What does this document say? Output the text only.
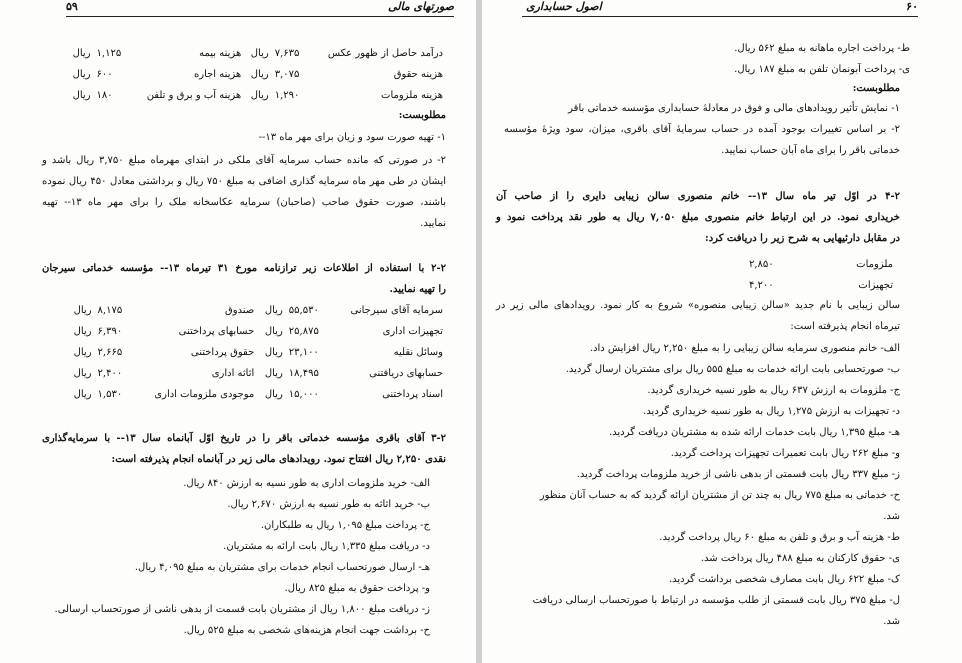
۵۹	صورتهای مالی
درآمد حاصل از ظهور عکس	۷,۶۳۵	ریال	هزینه بیمه	۱,۱۲۵	ریال
هزینه حقوق	۳,۰۷۵	ریال	هزینه اجاره	۶۰۰	ریال
هزینه ملزومات	۱,۲۹۰	ریال	هزینه آب و برق و تلفن	۱۸۰	ریال
مطلوبست:
۱- تهیه صورت سود و زیان برای مهر ماه ۱۳--
۲- در صورتی که مانده حساب سرمایه آقای ملکی در ابتدای مهرماه مبلغ ۳,۷۵۰ ریال باشد و
ایشان در طی مهر ماه سرمایه گذاری اضافی به مبلغ ۷۵۰ ریال و برداشتی معادل ۴۵۰ ریال نموده
باشند، صورت حقوق صاحب (صاحبان) سرمایه عکاسخانه ملک را برای مهر ماه ۱۳-- تهیه
نمایید.
۲-۲ با استفاده از اطلاعات زیر ترازنامه مورخ ۳۱ تیرماه ۱۳-- مؤسسه خدماتی سیرجان
را تهیه نمایید.
سرمایه آقای سیرجانی	۵۵,۵۳۰	ریال	صندوق	۸,۱۷۵	ریال
تجهیزات اداری	۲۵,۸۷۵	ریال	حسابهای پرداختنی	۶,۳۹۰	ریال
وسائل نقلیه	۲۳,۱۰۰	ریال	حقوق پرداختنی	۲,۶۶۵	ریال
حسابهای دریافتنی	۱۸,۴۹۵	ریال	اثاثه اداری	۲,۴۰۰	ریال
اسناد پرداختنی	۱۵,۰۰۰	ریال	موجودی ملزومات اداری	۱,۵۳۰	ریال
۳-۲ آقای باقری مؤسسه خدماتی باقر را در تاریخ اوّل آبانماه سال ۱۳-- با سرمایه‌گذاری
نقدی ۲,۲۵۰ ریال افتتاح نمود. رویدادهای مالی زیر در آبانماه انجام پذیرفته است:
الف- خرید ملزومات اداری به طور نسیه به ارزش ۸۴۰ ریال.
ب- خرید اثاثه به طور نسیه به ارزش ۲,۶۷۰ ریال.
ج- پرداخت مبلغ ۱,۰۹۵ ریال به طلبکاران.
د- دریافت مبلغ ۱,۳۳۵ ریال بابت ارائه به مشتریان.
هـ- ارسال صورتحساب انجام خدمات برای مشتریان به مبلغ ۴,۰۹۵ ریال.
و- پرداخت حقوق به مبلغ ۸۲۵ ریال.
ز- دریافت مبلغ ۱,۸۰۰ ریال از مشتریان بابت قسمت از بدهی ناشی از صورتحساب ارسالی.
ح- برداشت جهت انجام هزینه‌های شخصی به مبلغ ۵۲۵ ریال.
اصول حسابداری	۶۰
ط- پرداخت اجاره ماهانه به مبلغ ۵۶۲ ریال.
ی- پرداخت آبونمان تلفن به مبلغ ۱۸۷ ریال.
مطلوبست:
۱- نمایش تأثیر رویدادهای مالی و فوق در معادلهٔ حسابداری مؤسسه خدماتی باقر
۲- بر اساس تغییرات بوجود آمده در حساب سرمایهٔ آقای باقری، میزان، سود ویژهٔ مؤسسه
خدماتی باقر را برای ماه آبان حساب نمایید.
۴-۲ در اوّل تیر ماه سال ۱۳-- خانم منصوری سالن زیبایی دایری را از صاحب آن
خریداری نمود. در این ارتباط خانم منصوری مبلغ ۷,۰۵۰ ریال به طور نقد پرداخت نمود و
در مقابل دارئیهایی به شرح زیر را دریافت کرد:
ملزومات	۲,۸۵۰
تجهیزات	۴,۲۰۰
سالن زیبایی با نام جدید «سالن زیبایی منصوره» شروع به کار نمود. رویدادهای مالی زیر در
تیرماه انجام پذیرفته است:
الف- خانم منصوری سرمایه سالن زیبایی را به مبلغ ۲,۲۵۰ ریال افزایش داد.
ب- صورتحسابی بابت ارائه خدمات به مبلغ ۵۵۵ ریال برای مشتریان ارسال گردید.
ج- ملزومات به ارزش ۶۳۷ ریال به طور نسیه خریداری گردید.
د- تجهیزات به ارزش ۱,۲۷۵ ریال به طور نسیه خریداری گردید.
هـ- مبلغ ۱,۳۹۵ ریال بابت خدمات ارائه شده به مشتریان دریافت گردید.
و- مبلغ ۲۶۲ ریال بابت تعمیرات تجهیزات پرداخت گردید.
ز- مبلغ ۳۳۷ ریال بابت قسمتی از بدهی ناشی از خرید ملزومات پرداخت گردید.
ح- خدماتی به مبلغ ۷۷۵ ریال به چند تن از مشتریان ارائه گردید که به حساب آنان منظور
شد.
ط- هزینه آب و برق و تلفن به مبلغ ۶۰ ریال پرداخت گردید.
ی- حقوق کارکنان به مبلغ ۴۸۸ ریال پرداخت شد.
ک- مبلغ ۶۲۲ ریال بابت مصارف شخصی برداشت گردید.
ل- مبلغ ۳۷۵ ریال بابت قسمتی از طلب مؤسسه در ارتباط با صورتحساب ارسالی دریافت
شد.
